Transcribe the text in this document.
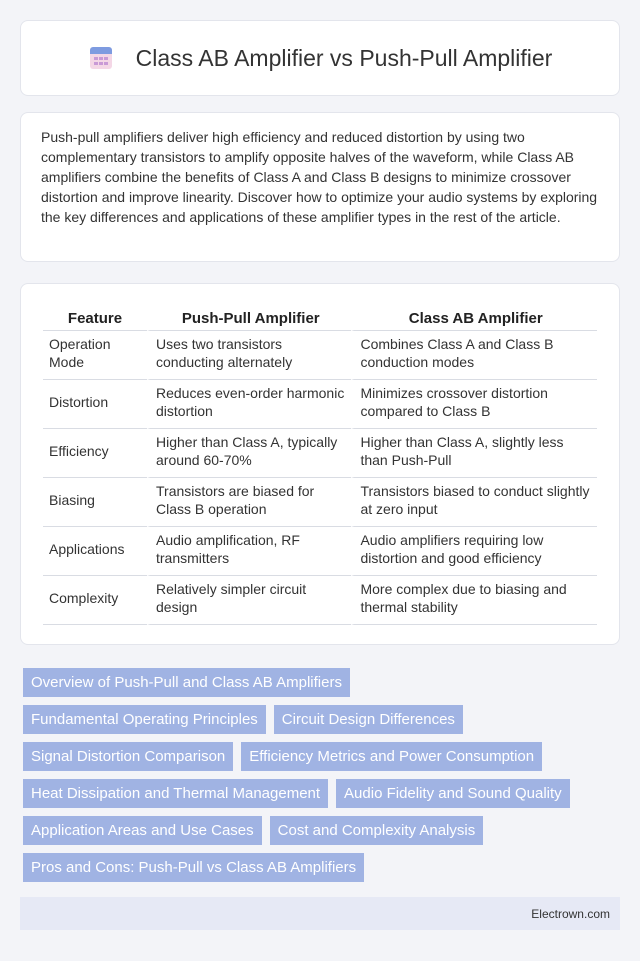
Class AB Amplifier vs Push-Pull Amplifier

Push-pull amplifiers deliver high efficiency and reduced distortion by using two complementary transistors to amplify opposite halves of the waveform, while Class AB amplifiers combine the benefits of Class A and Class B designs to minimize crossover distortion and improve linearity. Discover how to optimize your audio systems by exploring the key differences and applications of these amplifier types in the rest of the article.

Feature	Push-Pull Amplifier	Class AB Amplifier
Operation Mode	Uses two transistors conducting alternately	Combines Class A and Class B conduction modes
Distortion	Reduces even-order harmonic distortion	Minimizes crossover distortion compared to Class B
Efficiency	Higher than Class A, typically around 60-70%	Higher than Class A, slightly less than Push-Pull
Biasing	Transistors are biased for Class B operation	Transistors biased to conduct slightly at zero input
Applications	Audio amplification, RF transmitters	Audio amplifiers requiring low distortion and good efficiency
Complexity	Relatively simpler circuit design	More complex due to biasing and thermal stability
Overview of Push-Pull and Class AB Amplifiers
Fundamental Operating Principles	Circuit Design Differences
Signal Distortion Comparison	Efficiency Metrics and Power Consumption
Heat Dissipation and Thermal Management	Audio Fidelity and Sound Quality
Application Areas and Use Cases	Cost and Complexity Analysis
Pros and Cons: Push-Pull vs Class AB Amplifiers
Electrown.com
